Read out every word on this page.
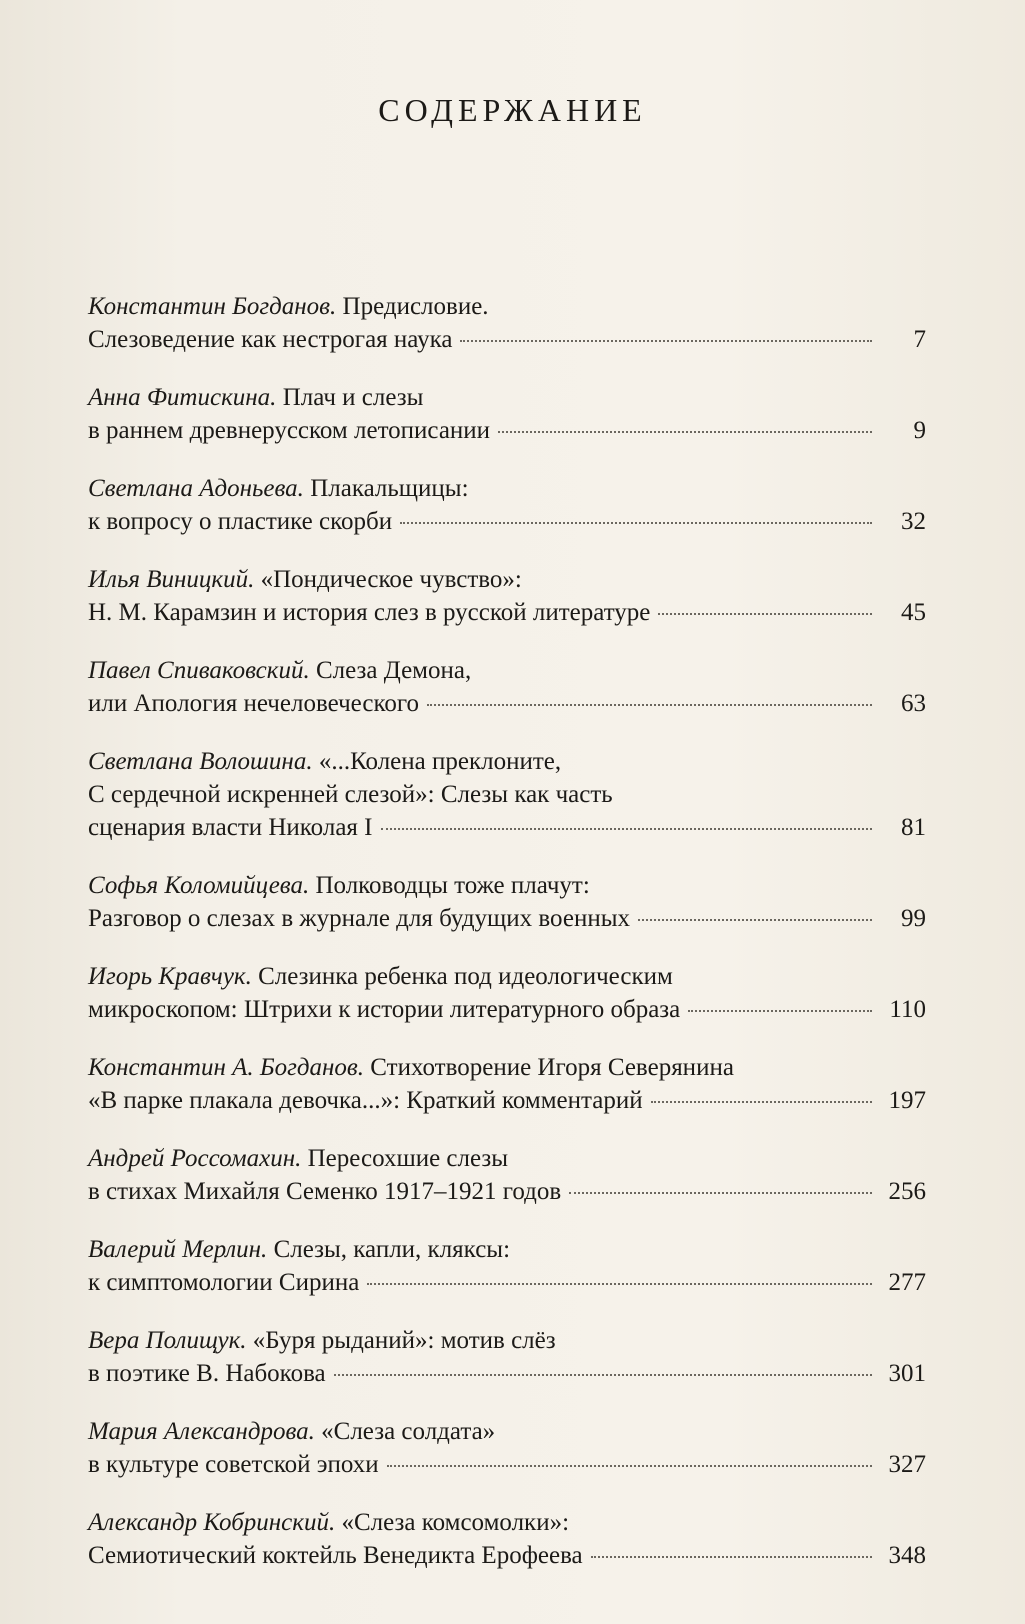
СОДЕРЖАНИЕ
Константин Богданов. Предисловие.
Слезоведение как нестрогая наука	7
Анна Фитискина. Плач и слезы
в раннем древнерусском летописании	9
Светлана Адоньева. Плакальщицы:
к вопросу о пластике скорби	32
Илья Виницкий. «Пондическое чувство»:
Н. М. Карамзин и история слез в русской литературе	45
Павел Спиваковский. Слеза Демона,
или Апология нечеловеческого	63
Светлана Волошина. «...Колена преклоните,
С сердечной искренней слезой»: Слезы как часть
сценария власти Николая I	81
Софья Коломийцева. Полководцы тоже плачут:
Разговор о слезах в журнале для будущих военных	99
Игорь Кравчук. Слезинка ребенка под идеологическим
микроскопом: Штрихи к истории литературного образа	110
Константин А. Богданов. Стихотворение Игоря Северянина
«В парке плакала девочка...»: Краткий комментарий	197
Андрей Россомахин. Пересохшие слезы
в стихах Михайля Семенко 1917–1921 годов	256
Валерий Мерлин. Слезы, капли, кляксы:
к симптомологии Сирина	277
Вера Полищук. «Буря рыданий»: мотив слёз
в поэтике В. Набокова	301
Мария Александрова. «Слеза солдата»
в культуре советской эпохи	327
Александр Кобринский. «Слеза комсомолки»:
Семиотический коктейль Венедикта Ерофеева	348
